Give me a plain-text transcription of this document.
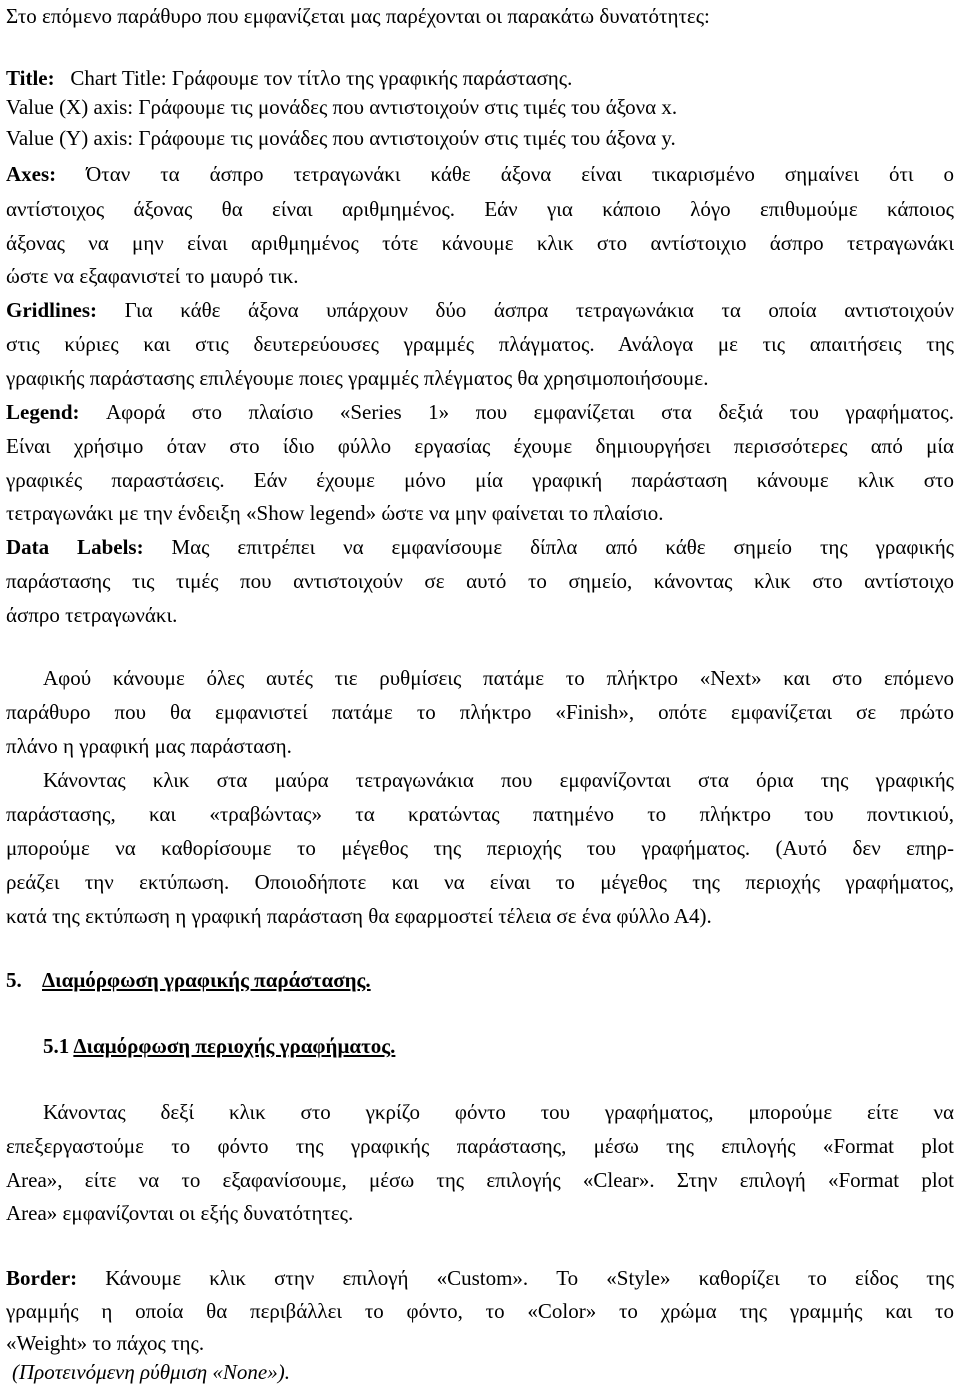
Στο επόμενο παράθυρο που εμφανίζεται μας παρέχονται οι παρακάτω δυνατότητες:
Title: Chart Title: Γράφουμε τον τίτλο της γραφικής παράστασης.
Value (X) axis: Γράφουμε τις μονάδες που αντιστοιχούν στις τιμές του άξονα x.
Value (Y) axis: Γράφουμε τις μονάδες που αντιστοιχούν στις τιμές του άξονα y.
Axes: Όταν τα άσπρο τετραγωνάκι κάθε άξονα είναι τικαρισμένο σημαίνει ότι ο
αντίστοιχος άξονας θα είναι αριθμημένος. Εάν για κάποιο λόγο επιθυμούμε κάποιος
άξονας να μην είναι αριθμημένος τότε κάνουμε κλικ στο αντίστοιχιο άσπρο τετραγωνάκι
ώστε να εξαφανιστεί το μαυρό τικ.
Gridlines: Για κάθε άξονα υπάρχουν δύο άσπρα τετραγωνάκια τα οποία αντιστοιχούν
στις κύριες και στις δευτερεύουσες γραμμές πλάγματος. Ανάλογα με τις απαιτήσεις της
γραφικής παράστασης επιλέγουμε ποιες γραμμές πλέγματος θα χρησιμοποιήσουμε.
Legend: Αφορά στο πλαίσιο «Series 1» που εμφανίζεται στα δεξιά του γραφήματος.
Είναι χρήσιμο όταν στο ίδιο φύλλο εργασίας έχουμε δημιουργήσει περισσότερες από μία
γραφικές παραστάσεις. Εάν έχουμε μόνο μία γραφική παράσταση κάνουμε κλικ στο
τετραγωνάκι με την ένδειξη «Show legend» ώστε να μην φαίνεται το πλαίσιο.
Data Labels: Μας επιτρέπει να εμφανίσουμε δίπλα από κάθε σημείο της γραφικής
παράστασης τις τιμές που αντιστοιχούν σε αυτό το σημείο, κάνοντας κλικ στο αντίστοιχο
άσπρο τετραγωνάκι.
Αφού κάνουμε όλες αυτές τιε ρυθμίσεις πατάμε το πλήκτρο «Next» και στο επόμενο
παράθυρο που θα εμφανιστεί πατάμε το πλήκτρο «Finish», οπότε εμφανίζεται σε πρώτο
πλάνο η γραφική μας παράσταση.
Κάνοντας κλικ στα μαύρα τετραγωνάκια που εμφανίζονται στα όρια της γραφικής
παράστασης, και «τραβώντας» τα κρατώντας πατημένο το πλήκτρο του ποντικιού,
μπορούμε να καθορίσουμε το μέγεθος της περιοχής του γραφήματος. (Αυτό δεν επηρ-
ρεάζει την εκτύπωση. Οποιοδήποτε και να είναι το μέγεθος της περιοχής γραφήματος,
κατά της εκτύπωση η γραφική παράσταση θα εφαρμοστεί τέλεια σε ένα φύλλο Α4).
5. Διαμόρφωση γραφικής παράστασης.
5.1 Διαμόρφωση περιοχής γραφήματος.
Κάνοντας δεξί κλικ στο γκρίζο φόντο του γραφήματος, μπορούμε είτε να
επεξεργαστούμε το φόντο της γραφικής παράστασης, μέσω της επιλογής «Format plot
Area», είτε να το εξαφανίσουμε, μέσω της επιλογής «Clear». Στην επιλογή «Format plot
Area» εμφανίζονται οι εξής δυνατότητες.
Border: Κάνουμε κλικ στην επιλογή «Custom». Το «Style» καθορίζει το είδος της
γραμμής η οποία θα περιβάλλει το φόντο, το «Color» το χρώμα της γραμμής και το
«Weight» το πάχος της.
(Προτεινόμενη ρύθμιση «None»).
